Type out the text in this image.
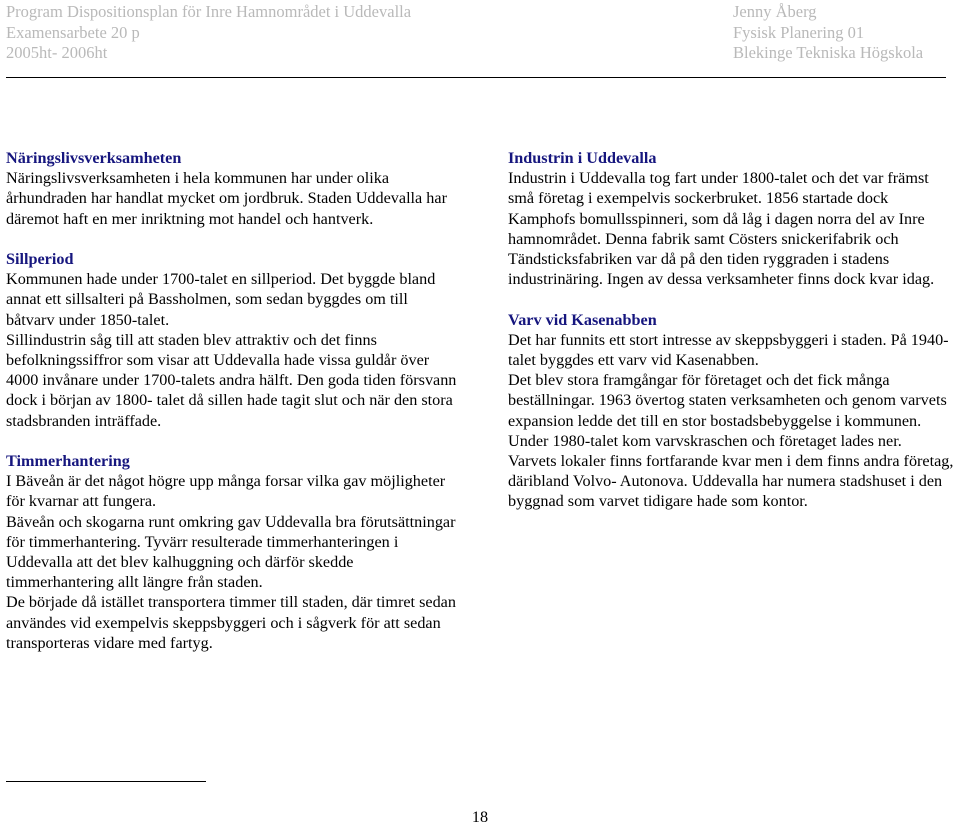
Program Dispositionsplan för Inre Hamnområdet i Uddevalla
Examensarbete 20 p
2005ht- 2006ht
Jenny Åberg
Fysisk Planering 01
Blekinge Tekniska Högskola
Näringslivsverksamheten

Näringslivsverksamheten i hela kommunen har under olika århundraden har handlat mycket om jordbruk. Staden Uddevalla har däremot haft en mer inriktning mot handel och hantverk.

Sillperiod

Kommunen hade under 1700-talet en sillperiod. Det byggde bland annat ett sillsalteri på Bassholmen, som sedan byggdes om till båtvarv under 1850-talet.

Sillindustrin såg till att staden blev attraktiv och det finns befolkningssiffror som visar att Uddevalla hade vissa guldår över 4000 invånare under 1700-talets andra hälft. Den goda tiden försvann dock i början av 1800- talet då sillen hade tagit slut och när den stora stadsbranden inträffade.

Timmerhantering

I Bäveån är det något högre upp många forsar vilka gav möjligheter för kvarnar att fungera.

Bäveån och skogarna runt omkring gav Uddevalla bra förutsättningar för timmerhantering. Tyvärr resulterade timmerhanteringen i Uddevalla att det blev kalhuggning och därför skedde timmerhantering allt längre från staden.

De började då istället transportera timmer till staden, där timret sedan användes vid exempelvis skeppsbyggeri och i sågverk för att sedan transporteras vidare med fartyg.

Industrin i Uddevalla

Industrin i Uddevalla tog fart under 1800-talet och det var främst små företag i exempelvis sockerbruket. 1856 startade dock Kamphofs bomullsspinneri, som då låg i dagen norra del av Inre hamnområdet. Denna fabrik samt Cösters snickerifabrik och Tändsticksfabriken var då på den tiden ryggraden i stadens industrinäring. Ingen av dessa verksamheter finns dock kvar idag.

Varv vid Kasenabben

Det har funnits ett stort intresse av skeppsbyggeri i staden. På 1940-talet byggdes ett varv vid Kasenabben.

Det blev stora framgångar för företaget och det fick många beställningar. 1963 övertog staten verksamheten och genom varvets expansion ledde det till en stor bostadsbebyggelse i kommunen. Under 1980-talet kom varvskraschen och företaget lades ner.

Varvets lokaler finns fortfarande kvar men i dem finns andra företag, däribland Volvo- Autonova. Uddevalla har numera stadshuset i den byggnad som varvet tidigare hade som kontor.

18
